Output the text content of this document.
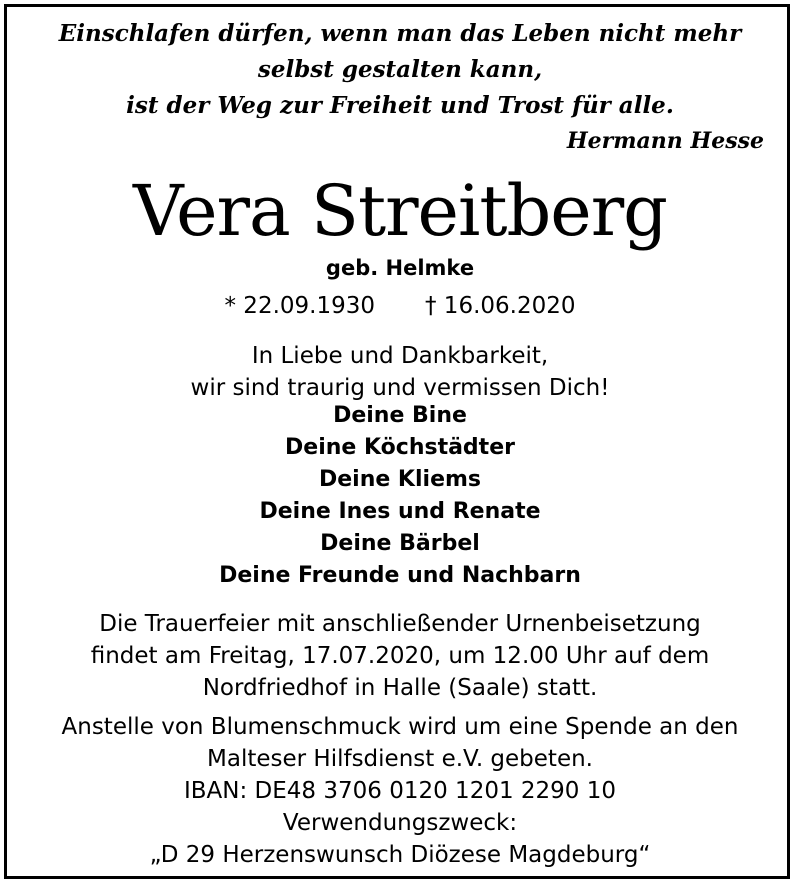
Einschlafen dürfen, wenn man das Leben nicht mehr
selbst gestalten kann,
ist der Weg zur Freiheit und Trost für alle.
Hermann Hesse
Vera Streitberg
geb. Helmke
* 22.09.1930 † 16.06.2020
In Liebe und Dankbarkeit,
wir sind traurig und vermissen Dich!
Deine Bine
Deine Köchstädter
Deine Kliems
Deine Ines und Renate
Deine Bärbel
Deine Freunde und Nachbarn
Die Trauerfeier mit anschließender Urnenbeisetzung
findet am Freitag, 17.07.2020, um 12.00 Uhr auf dem
Nordfriedhof in Halle (Saale) statt.
Anstelle von Blumenschmuck wird um eine Spende an den
Malteser Hilfsdienst e.V. gebeten.
IBAN: DE48 3706 0120 1201 2290 10
Verwendungszweck:
„D 29 Herzenswunsch Diözese Magdeburg“
